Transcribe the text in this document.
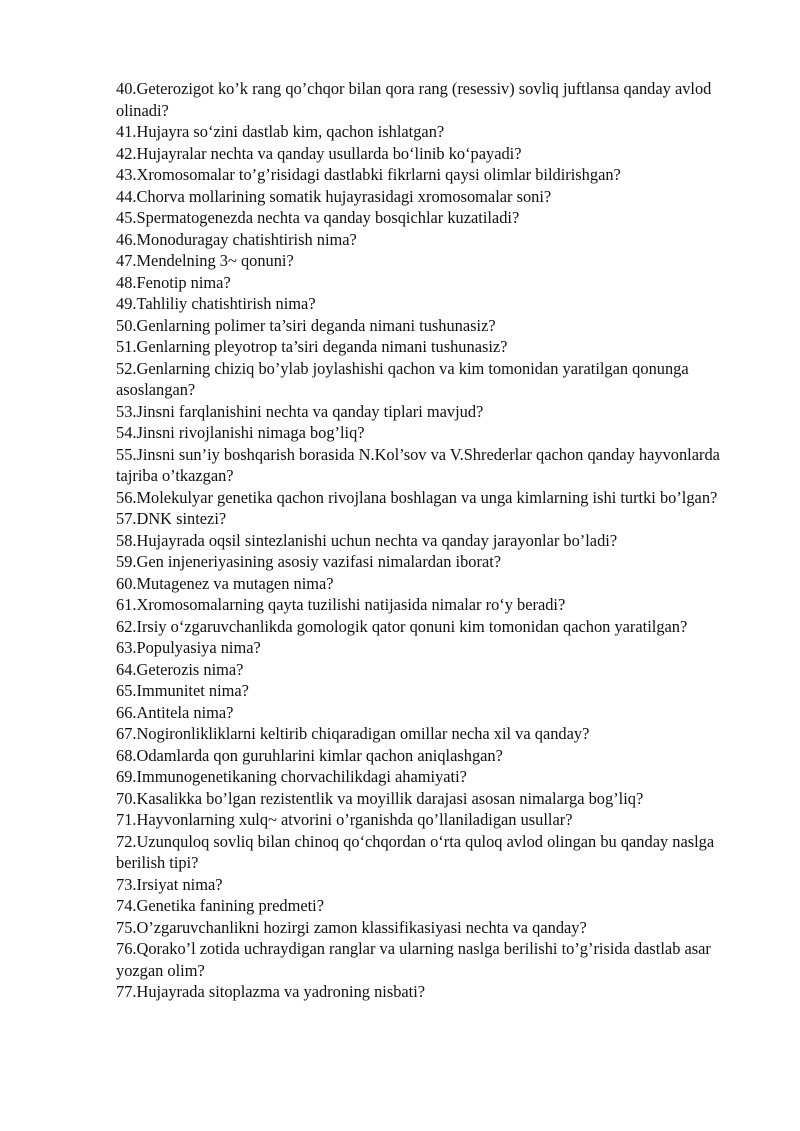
40.Geterozigot ko’k rang qo’chqor bilan qora rang (resessiv) sovliq juftlansa qanday avlod olinadi?

41.Hujayra so‘zini dastlab kim, qachon ishlatgan?

42.Hujayralar nechta va qanday usullarda bo‘linib ko‘payadi?

43.Xromosomalar to’g’risidagi dastlabki fikrlarni qaysi olimlar bildirishgan?

44.Chorva mollarining somatik hujayrasidagi xromosomalar soni?

45.Spermatogenezda nechta va qanday bosqichlar kuzatiladi?

46.Monoduragay chatishtirish nima?

47.Mendelning 3~ qonuni?

48.Fenotip nima?

49.Tahliliy chatishtirish nima?

50.Genlarning polimer ta’siri deganda nimani tushunasiz?

51.Genlarning pleyotrop ta’siri deganda nimani tushunasiz?

52.Genlarning chiziq bo’ylab joylashishi qachon va kim tomonidan yaratilgan qonunga asoslangan?

53.Jinsni farqlanishini nechta va qanday tiplari mavjud?

54.Jinsni rivojlanishi nimaga bog’liq?

55.Jinsni sun’iy boshqarish borasida N.Kol’sov va V.Shrederlar qachon qanday hayvonlarda tajriba o’tkazgan?

56.Molekulyar genetika qachon rivojlana boshlagan va unga kimlarning ishi turtki bo’lgan?

57.DNK sintezi?

58.Hujayrada oqsil sintezlanishi uchun nechta va qanday jarayonlar bo’ladi?

59.Gen injeneriyasining asosiy vazifasi nimalardan iborat?

60.Mutagenez va mutagen nima?

61.Xromosomalarning qayta tuzilishi natijasida nimalar ro‘y beradi?

62.Irsiy o‘zgaruvchanlikda gomologik qator qonuni kim tomonidan qachon yaratilgan?

63.Populyasiya nima?

64.Geterozis nima?

65.Immunitet nima?

66.Antitela nima?

67.Nogironlikliklarni keltirib chiqaradigan omillar necha xil va qanday?

68.Odamlarda qon guruhlarini kimlar qachon aniqlashgan?

69.Immunogenetikaning chorvachilikdagi ahamiyati?

70.Kasalikka bo’lgan rezistentlik va moyillik darajasi asosan nimalarga bog’liq?

71.Hayvonlarning xulq~ atvorini o’rganishda qo’llaniladigan usullar?

72.Uzunquloq sovliq bilan chinoq qo‘chqordan o‘rta quloq avlod olingan bu qanday naslga berilish tipi?

73.Irsiyat nima?

74.Genetika fanining predmeti?

75.O’zgaruvchanlikni hozirgi zamon klassifikasiyasi nechta va qanday?

76.Qorako’l zotida uchraydigan ranglar va ularning naslga berilishi to’g’risida dastlab asar yozgan olim?

77.Hujayrada sitoplazma va yadroning nisbati?
